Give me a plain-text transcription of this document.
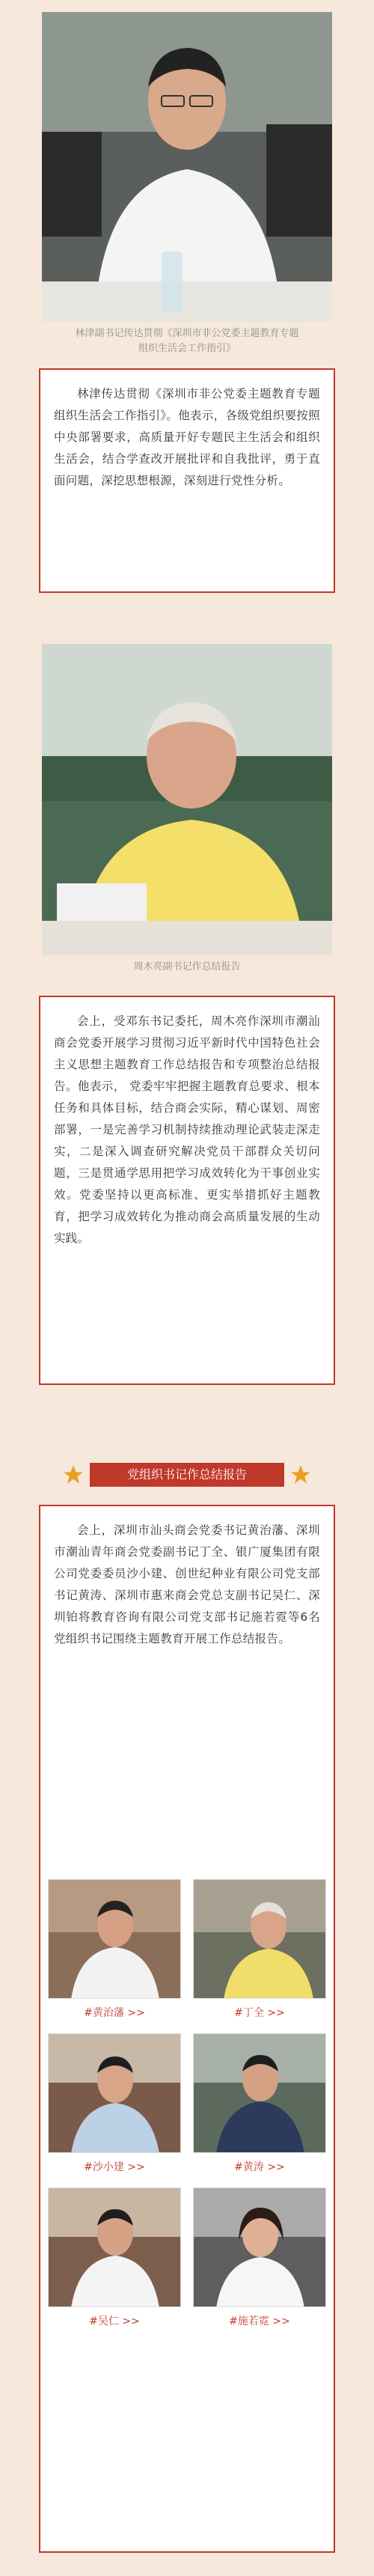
林津副书记传达贯彻《深圳市非公党委主题教育专题
组织生活会工作指引》

林津传达贯彻《深圳市非公党委主题教育专题组织生活会工作指引》。他表示，各级党组织要按照中央部署要求，高质量开好专题民主生活会和组织生活会，结合学查改开展批评和自我批评，勇于直面问题，深挖思想根源，深刻进行党性分析。

周木亮副书记作总结报告

会上，受邓东书记委托，周木亮作深圳市潮汕商会党委开展学习贯彻习近平新时代中国特色社会主义思想主题教育工作总结报告和专项整治总结报告。他表示， 党委牢牢把握主题教育总要求、根本任务和具体目标，结合商会实际，精心谋划、周密部署，一是完善学习机制持续推动理论武装走深走实，二是深入调查研究解决党员干部群众关切问题，三是贯通学思用把学习成效转化为干事创业实效。党委坚持以更高标准、更实举措抓好主题教育，把学习成效转化为推动商会高质量发展的生动实践。

党组织书记作总结报告

会上，深圳市汕头商会党委书记黄治藩、深圳市潮汕青年商会党委副书记丁全、银广厦集团有限公司党委委员沙小建、创世纪种业有限公司党支部书记黄涛、深圳市惠来商会党总支副书记吴仁、深圳铂将教育咨询有限公司党支部书记施若霓等6名党组织书记围绕主题教育开展工作总结报告。

#黄治藩 >>	#丁全 >>
#沙小建 >>	#黄涛 >>
#吴仁 >>	#施若霓 >>
